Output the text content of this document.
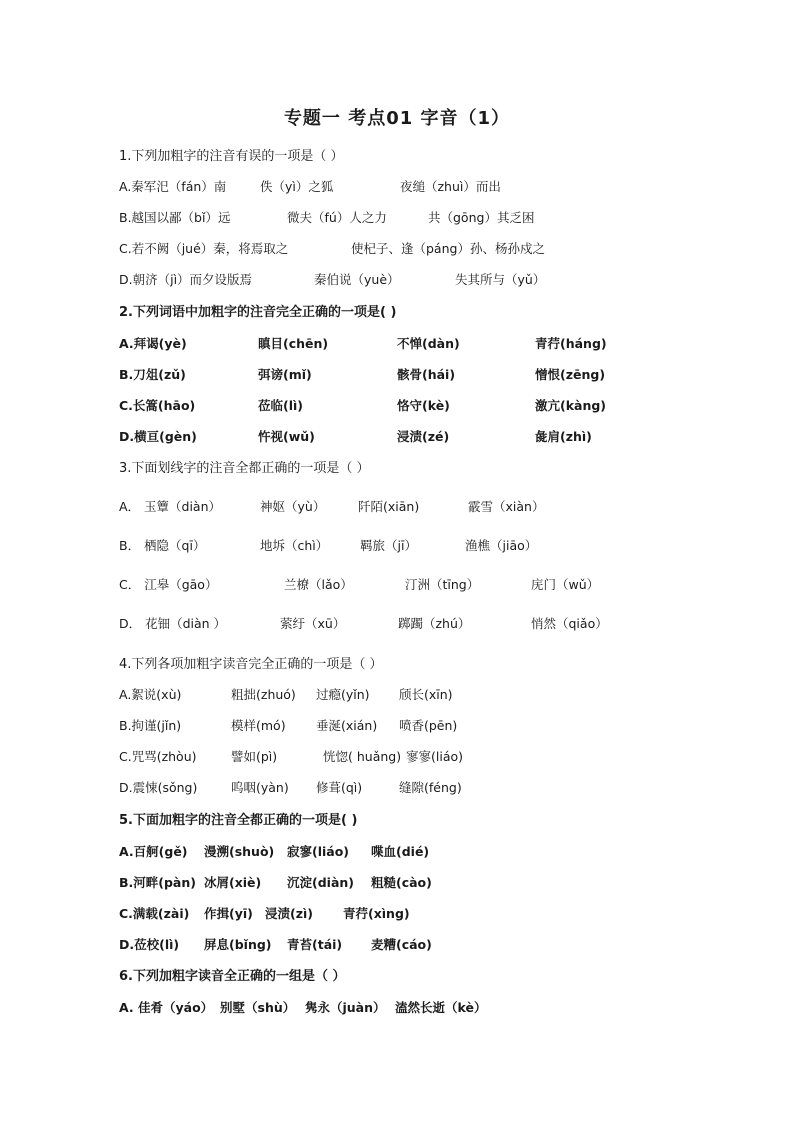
专题一 考点01 字音（1）
1.下列加粗字的注音有误的一项是（ ）
A.秦军汜（fán）南	佚（yì）之狐	夜缒（zhuì）而出
B.越国以鄙（bǐ）远	微夫（fú）人之力	共（gōng）其乏困
C.若不阙（jué）秦，将焉取之	使杞子、逢（páng）孙、杨孙戍之
D.朝济（jì）而夕设版焉	秦伯说（yuè）	失其所与（yǔ）
2.下列词语中加粗字的注音完全正确的一项是( )
A.拜谒(yè)	瞋目(chēn)	不惮(dàn)	青荇(háng)
B.刀俎(zǔ)	弭谤(mǐ)	骸骨(hái)	憎恨(zēng)
C.长篙(hāo)	莅临(lì)	恪守(kè)	激亢(kàng)
D.横亘(gèn)	忤视(wǔ)	浸渍(zé)	彘肩(zhì)
3.下面划线字的注音全都正确的一项是（ ）
A． 玉簟（diàn）	神妪（yù）	阡陌(xiān)	霰雪（xiàn）
B． 栖隐（qī）	地坼（chì）	羁旅（jī）	渔樵（jiāo）
C． 江皋（gāo）	兰橑（lǎo）	汀洲（tīng）	庑门（wǔ）
D． 花钿（diàn ）	萦纡（xū）	踯躅（zhú）	悄然（qiǎo）
4.下列各项加粗字读音完全正确的一项是（ ）
A.絮说(xù)	粗拙(zhuó) 过瘾(yǐn) 颀长(xīn)
B.拘谨(jǐn)	模样(mó) 垂涎(xián) 喷香(pēn)
C.咒骂(zhòu)	譬如(pì)	恍惚( huǎng) 寥寥(liáo)
D.震悚(sǒng)	呜咽(yàn) 修葺(qì)	缝隙(féng)
5.下面加粗字的注音全都正确的一项是( )
A.百舸(gě) 漫溯(shuò) 寂寥(liáo) 喋血(dié)
B.河畔(pàn) 冰屑(xiè) 沉淀(diàn) 粗糙(cào)
C.满载(zài) 作揖(yī) 浸渍(zì) 青荇(xìng)
D.莅校(lì) 屏息(bǐng) 青苔(tái) 麦糟(cáo)
6.下列加粗字读音全正确的一组是（ ）
A. 佳肴（yáo） 别墅（shù） 隽永（juàn） 溘然长逝（kè）
